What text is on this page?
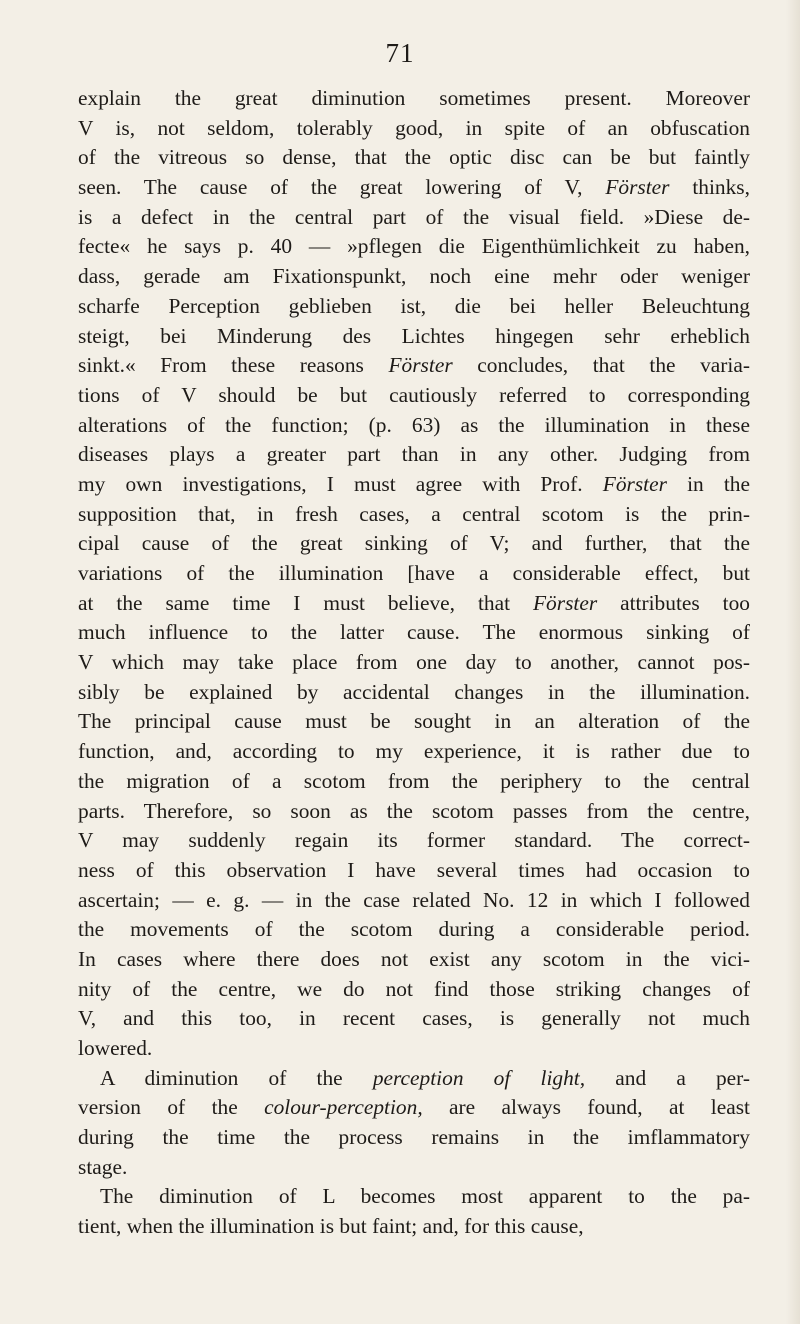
71
explain the great diminution sometimes present. Moreover
V is, not seldom, tolerably good, in spite of an obfuscation
of the vitreous so dense, that the optic disc can be but faintly
seen. The cause of the great lowering of V, Förster thinks,
is a defect in the central part of the visual field. »Diese de-
fecte« he says p. 40 — »pflegen die Eigenthümlichkeit zu haben,
dass, gerade am Fixationspunkt, noch eine mehr oder weniger
scharfe Perception geblieben ist, die bei heller Beleuchtung
steigt, bei Minderung des Lichtes hingegen sehr erheblich
sinkt.« From these reasons Förster concludes, that the varia-
tions of V should be but cautiously referred to corresponding
alterations of the function; (p. 63) as the illumination in these
diseases plays a greater part than in any other. Judging from
my own investigations, I must agree with Prof. Förster in the
supposition that, in fresh cases, a central scotom is the prin-
cipal cause of the great sinking of V; and further, that the
variations of the illumination [have a considerable effect, but
at the same time I must believe, that Förster attributes too
much influence to the latter cause. The enormous sinking of
V which may take place from one day to another, cannot pos-
sibly be explained by accidental changes in the illumination.
The principal cause must be sought in an alteration of the
function, and, according to my experience, it is rather due to
the migration of a scotom from the periphery to the central
parts. Therefore, so soon as the scotom passes from the centre,
V may suddenly regain its former standard. The correct-
ness of this observation I have several times had occasion to
ascertain; — e. g. — in the case related No. 12 in which I followed
the movements of the scotom during a considerable period.
In cases where there does not exist any scotom in the vici-
nity of the centre, we do not find those striking changes of
V, and this too, in recent cases, is generally not much
lowered.
A diminution of the perception of light, and a per-
version of the colour-perception, are always found, at least
during the time the process remains in the imflammatory
stage.
The diminution of L becomes most apparent to the pa-
tient, when the illumination is but faint; and, for this cause,
